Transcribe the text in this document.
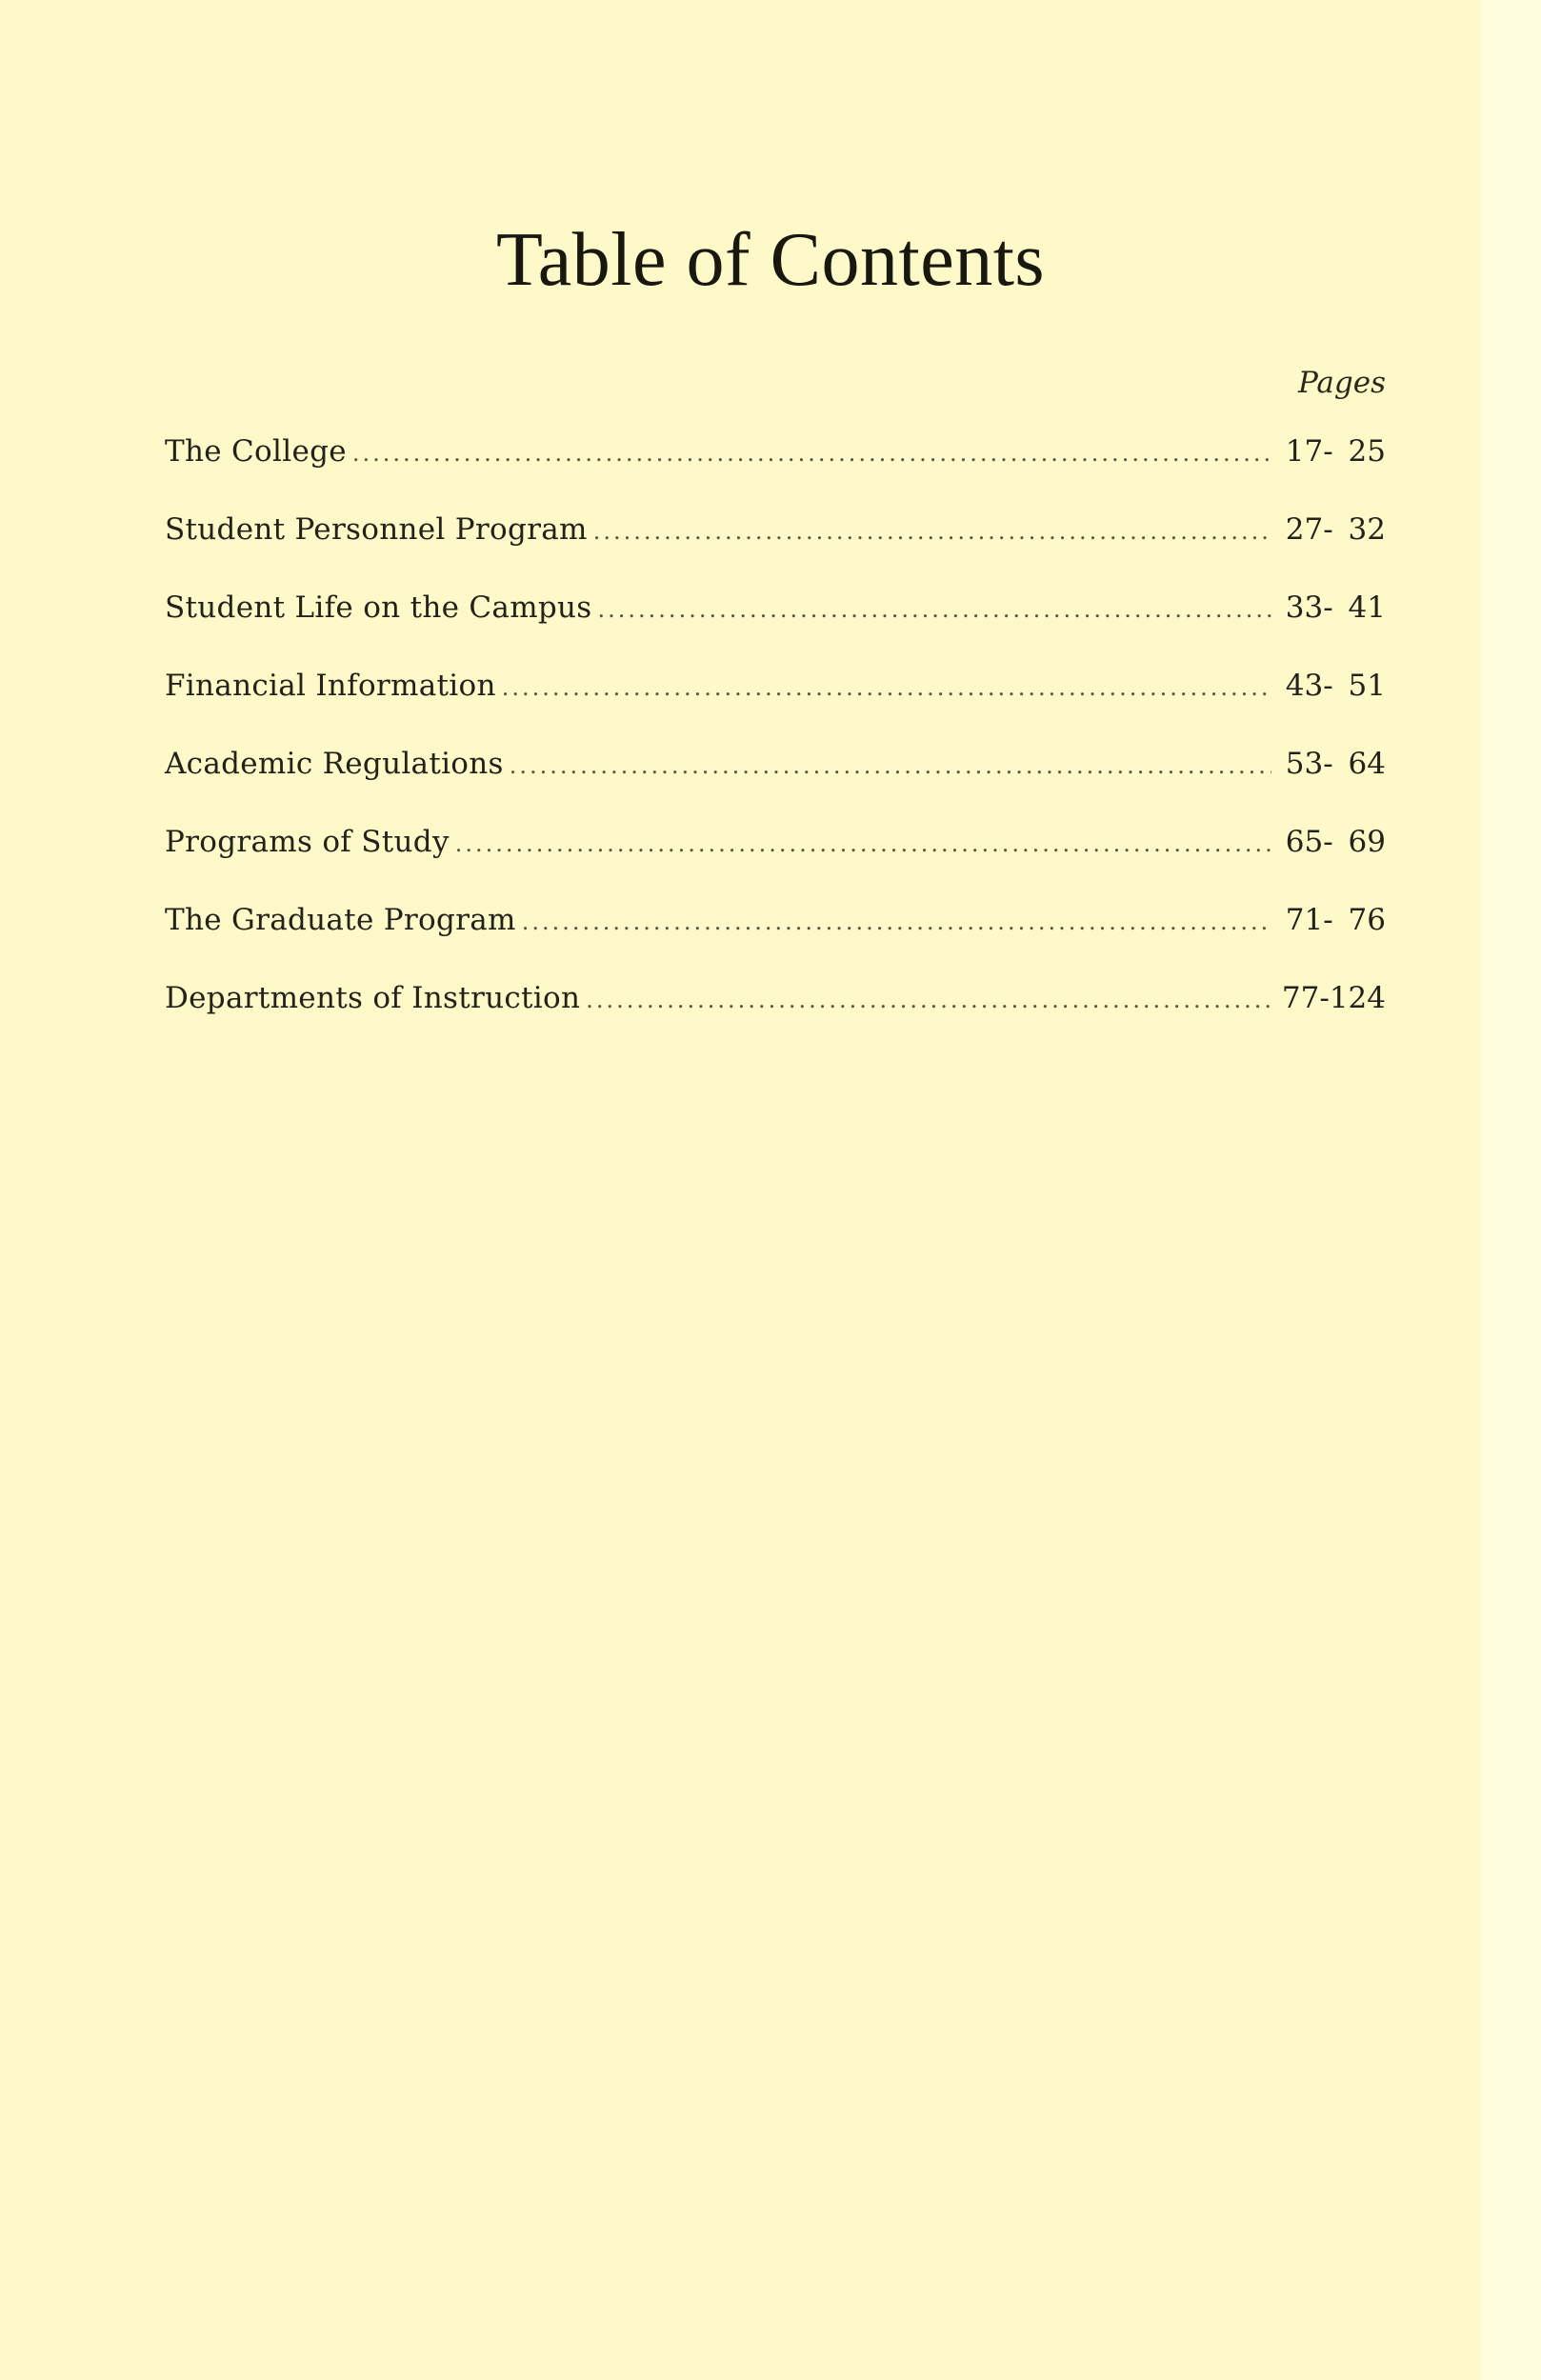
Table of Contents
Pages
The College .....	17- 25
Student Personnel Program .....	27- 32
Student Life on the Campus .....	33- 41
Financial Information .....	43- 51
Academic Regulations .....	53- 64
Programs of Study .....	65- 69
The Graduate Program .....	71- 76
Departments of Instruction .....	77-124
